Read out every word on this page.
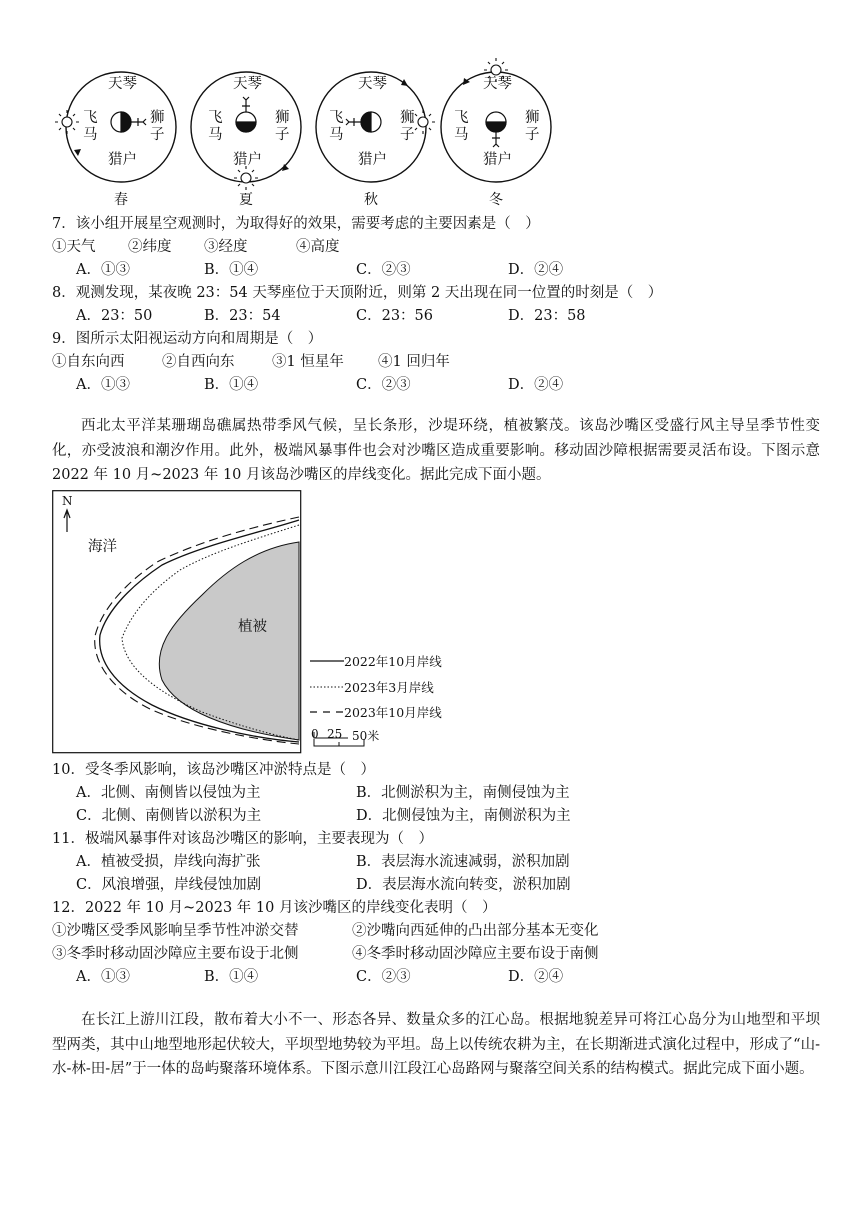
天琴	天琴	天琴	天琴
飞马
飞马
飞马
飞马
狮子
狮子
狮子
狮子
猎户	猎户	猎户	猎户
春	夏	秋	冬
7．该小组开展星空观测时，为取得好的效果，需要考虑的主要因素是（　）
①天气 ②纬度 ③经度	④高度
A．①③	B．①④	C．②③	D．②④
8．观测发现，某夜晚 23：54 天琴座位于天顶附近，则第 2 天出现在同一位置的时刻是（　）
A．23：50	B．23：54	C．23：56	D．23：58
9．图所示太阳视运动方向和周期是（　）
①自东向西	②自西向东	③1 恒星年 ④1 回归年
A．①③	B．①④	C．②③	D．②④
西北太平洋某珊瑚岛礁属热带季风气候，呈长条形，沙堤环绕，植被繁茂。该岛沙嘴区受盛行风主导呈季节性变化，亦受波浪和潮汐作用。此外，极端风暴事件也会对沙嘴区造成重要影响。移动固沙障根据需要灵活布设。下图示意 2022 年 10 月~2023 年 10 月该岛沙嘴区的岸线变化。据此完成下面小题。
N
海洋
植被
2022年10月岸线
2023年3月岸线
2023年10月岸线
0 25 50米
10．受冬季风影响，该岛沙嘴区冲淤特点是（　）
A．北侧、南侧皆以侵蚀为主	B．北侧淤积为主，南侧侵蚀为主
C．北侧、南侧皆以淤积为主	D．北侧侵蚀为主，南侧淤积为主
11．极端风暴事件对该岛沙嘴区的影响，主要表现为（　）
A．植被受损，岸线向海扩张	B．表层海水流速减弱，淤积加剧
C．风浪增强，岸线侵蚀加剧	D．表层海水流向转变，淤积加剧
12．2022 年 10 月~2023 年 10 月该沙嘴区的岸线变化表明（　）
①沙嘴区受季风影响呈季节性冲淤交替	②沙嘴向西延伸的凸出部分基本无变化
③冬季时移动固沙障应主要布设于北侧	④冬季时移动固沙障应主要布设于南侧
A．①③	B．①④	C．②③	D．②④
在长江上游川江段，散布着大小不一、形态各异、数量众多的江心岛。根据地貌差异可将江心岛分为山地型和平坝型两类，其中山地型地形起伏较大，平坝型地势较为平坦。岛上以传统农耕为主，在长期渐进式演化过程中，形成了“山-水-林-田-居”于一体的岛屿聚落环境体系。下图示意川江段江心岛路网与聚落空间关系的结构模式。据此完成下面小题。
